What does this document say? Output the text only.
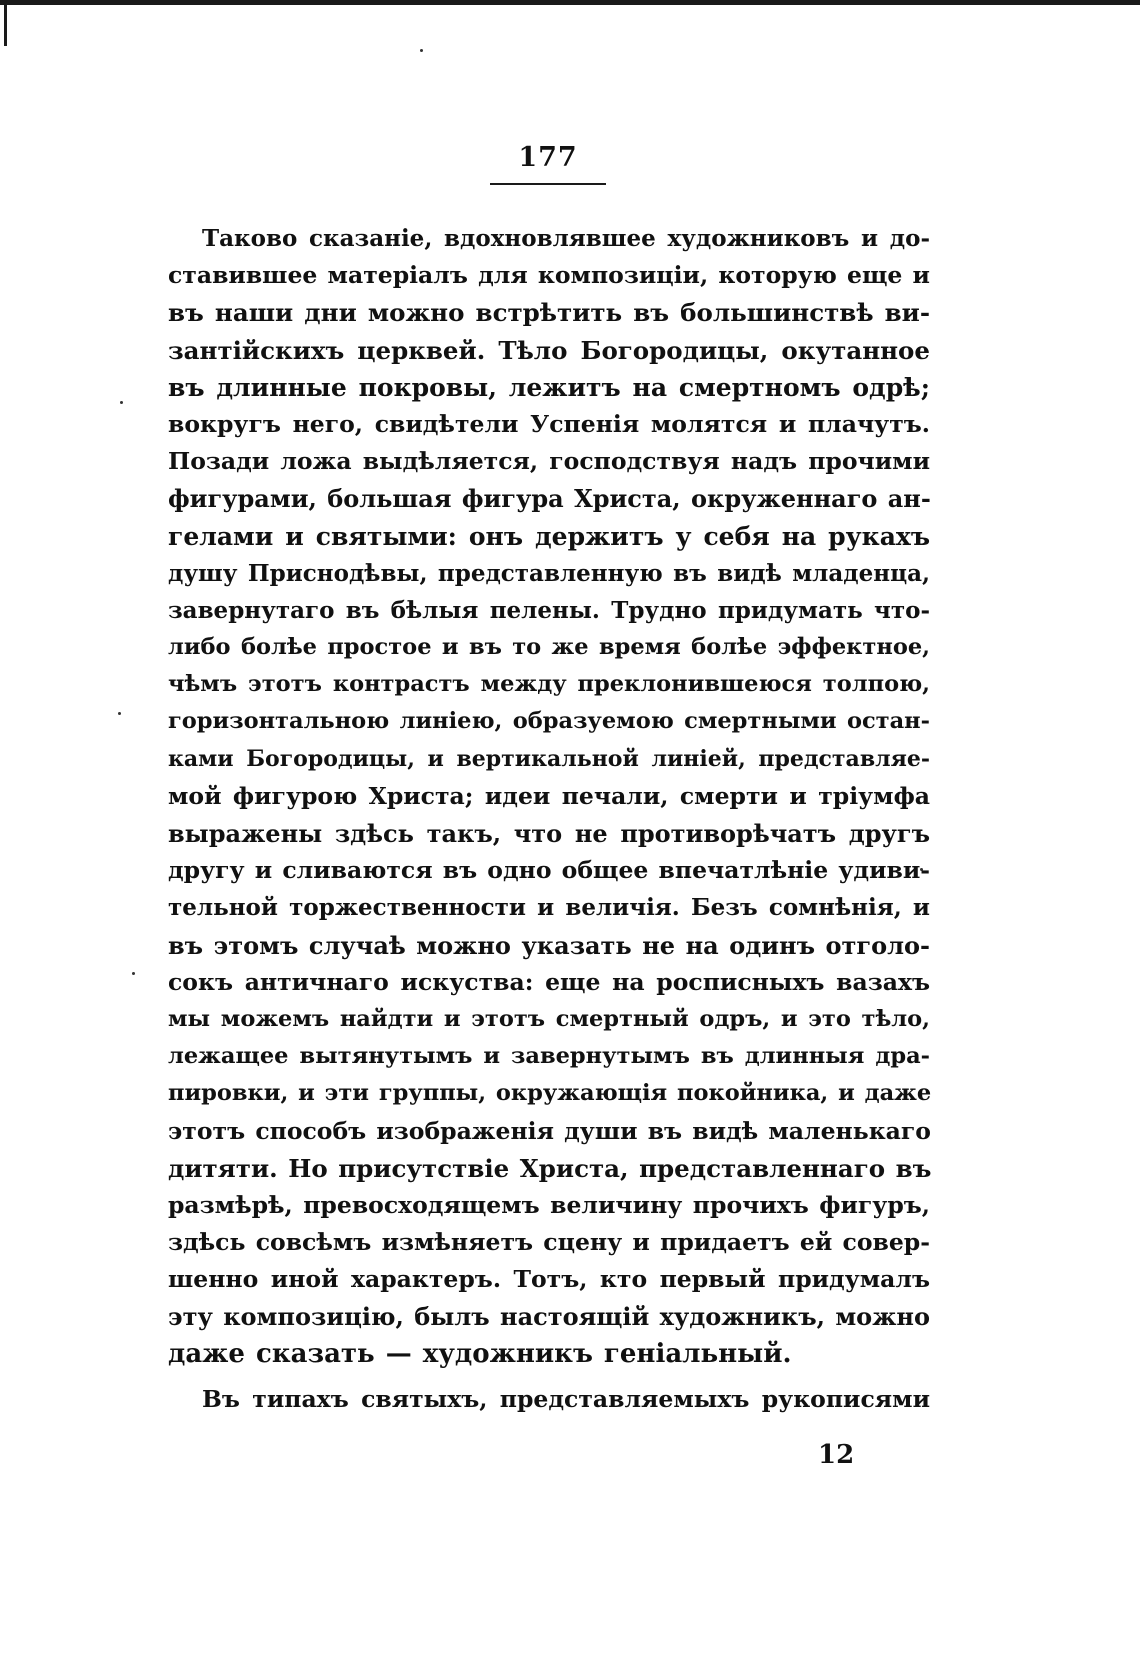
177
Таково сказаніе, вдохновлявшее художниковъ и до-
ставившее матеріалъ для композиціи, которую еще и
въ наши дни можно встрѣтить въ большинствѣ ви-
зантійскихъ церквей. Тѣло Богородицы, окутанное
въ длинные покровы, лежитъ на смертномъ одрѣ;
вокругъ него, свидѣтели Успенія молятся и плачутъ.
Позади ложа выдѣляется, господствуя надъ прочими
фигурами, большая фигура Христа, окруженнаго ан-
гелами и святыми: онъ держитъ у себя на рукахъ
душу Приснодѣвы, представленную въ видѣ младенца,
завернутаго въ бѣлыя пелены. Трудно придумать что-
либо болѣе простое и въ то же время болѣе эффектное,
чѣмъ этотъ контрастъ между преклонившеюся толпою,
горизонтальною линіею, образуемою смертными остан-
ками Богородицы, и вертикальной линіей, представляе-
мой фигурою Христа; идеи печали, смерти и тріумфа
выражены здѣсь такъ, что не противорѣчатъ другъ
другу и сливаются въ одно общее впечатлѣніе удиви-
тельной торжественности и величія. Безъ сомнѣнія, и
въ этомъ случаѣ можно указать не на одинъ отголо-
сокъ античнаго искуства: еще на росписныхъ вазахъ
мы можемъ найдти и этотъ смертный одръ, и это тѣло,
лежащее вытянутымъ и завернутымъ въ длинныя дра-
пировки, и эти группы, окружающія покойника, и даже
этотъ способъ изображенія души въ видѣ маленькаго
дитяти. Но присутствіе Христа, представленнаго въ
размѣрѣ, превосходящемъ величину прочихъ фигуръ,
здѣсь совсѣмъ измѣняетъ сцену и придаетъ ей совер-
шенно иной характеръ. Тотъ, кто первый придумалъ
эту композицію, былъ настоящій художникъ, можно
даже сказать — художникъ геніальный.
Въ типахъ святыхъ, представляемыхъ рукописями
12
